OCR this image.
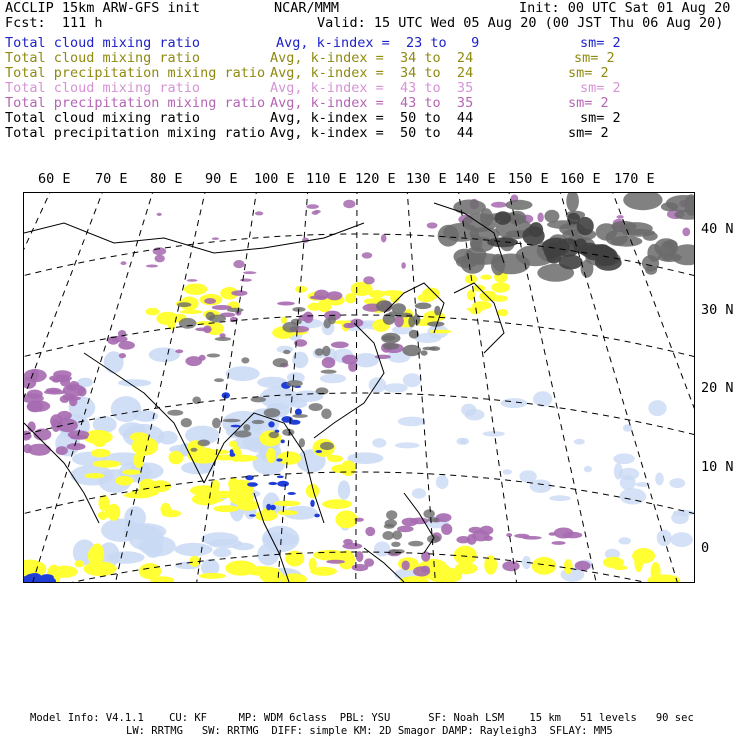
ACCLIP 15km ARW-GFS init	NCAR/MMM	Init: 00 UTC Sat 01 Aug 20
Fcst:  111 h	Valid: 15 UTC Wed 05 Aug 20 (00 JST Thu 06 Aug 20)
Total cloud mixing ratio	Avg, k-index =  23 to   9	sm= 2
Total cloud mixing ratio	Avg, k-index =  34 to  24	sm= 2
Total precipitation mixing ratio Avg, k-index =  34 to  24	sm= 2
Total cloud mixing ratio	Avg, k-index =  43 to  35	sm= 2
Total precipitation mixing ratio Avg, k-index =  43 to  35	sm= 2
Total cloud mixing ratio	Avg, k-index =  50 to  44	sm= 2
Total precipitation mixing ratio Avg, k-index =  50 to  44	sm= 2
60 E 70 E 80 E 90 E 100 E 110 E 120 E 130 E 140 E 150 E 160 E 170 E
40 N
30 N
20 N
10 N
0
Model Info: V4.1.1    CU: KF     MP: WDM 6class  PBL: YSU      SF: Noah LSM    15 km   51 levels   90 sec
LW: RRTMG   SW: RRTMG  DIFF: simple KM: 2D Smagor DAMP: Rayleigh3  SFLAY: MM5
